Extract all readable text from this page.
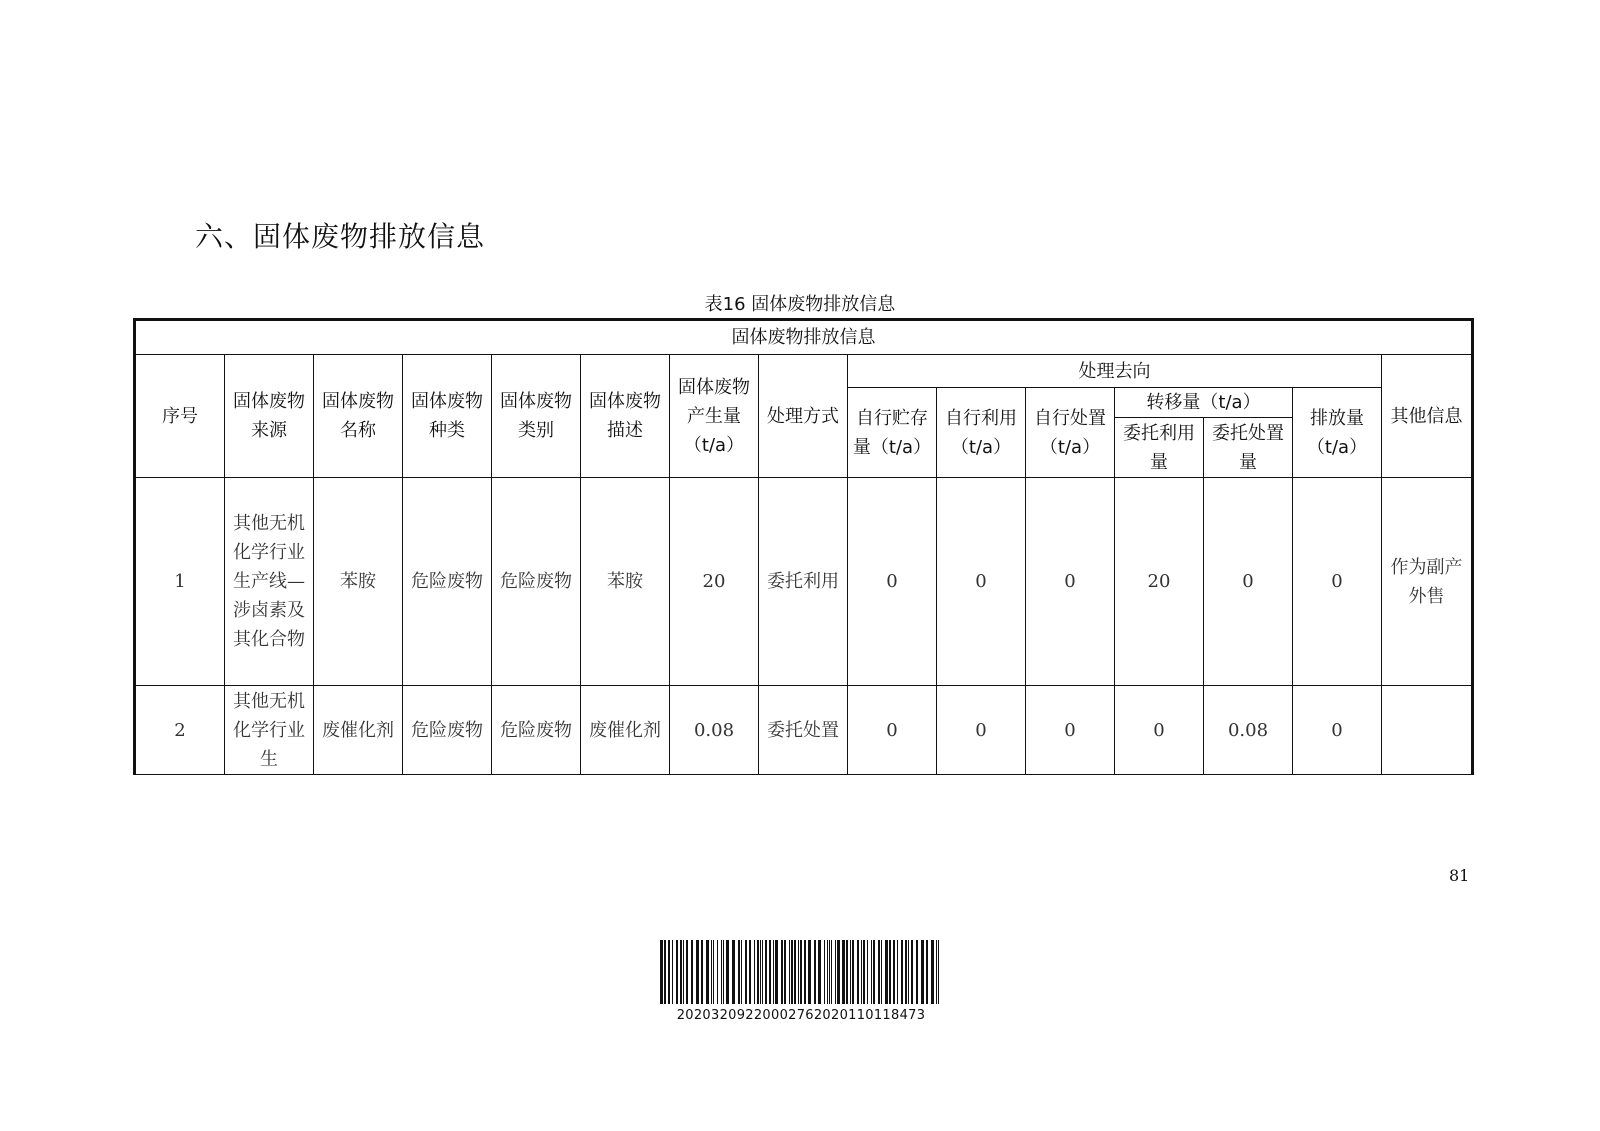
六、固体废物排放信息
表16 固体废物排放信息
固体废物排放信息														
序号	固体废物来源	固体废物名称	固体废物种类	固体废物类别	固体废物描述	固体废物产生量（t/a）	处理方式	处理去向						其他信息
								自行贮存量（t/a）	自行利用（t/a）	自行处置（t/a）	转移量（t/a）		排放量（t/a）	
											委托利用量	委托处置量		
1	其他无机化学行业生产线—涉卤素及其化合物	苯胺	危险废物	危险废物	苯胺	20	委托利用	0	0	0	20	0	0	作为副产外售
2	其他无机化学行业生	废催化剂	危险废物	危险废物	废催化剂	0.08	委托处置	0	0	0	0	0.08	0	
81
20203209220002762020110118473
